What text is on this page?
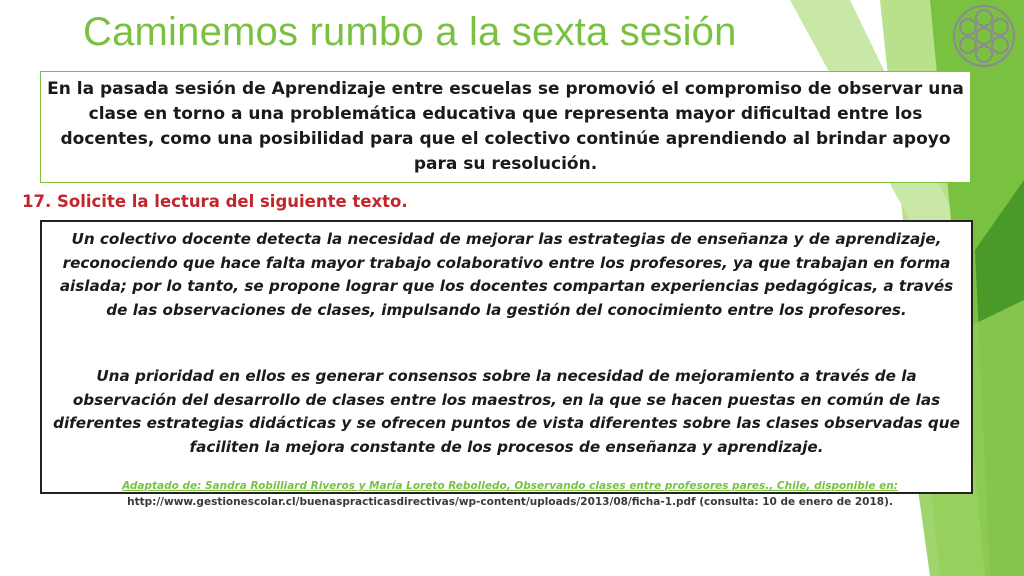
Caminemos rumbo a la sexta sesión

En la pasada sesión de Aprendizaje entre escuelas se promovió el compromiso de observar una clase en torno a una problemática educativa que representa mayor dificultad entre los docentes, como una posibilidad para que el colectivo continúe aprendiendo al brindar apoyo para su resolución.

17. Solicite la lectura del siguiente texto.

Un colectivo docente detecta la necesidad de mejorar las estrategias de enseñanza y de aprendizaje, reconociendo que hace falta mayor trabajo colaborativo entre los profesores, ya que trabajan en forma aislada; por lo tanto, se propone lograr que los docentes compartan experiencias pedagógicas, a través de las observaciones de clases, impulsando la gestión del conocimiento entre los profesores.

Una prioridad en ellos es generar consensos sobre la necesidad de mejoramiento a través de la observación del desarrollo de clases entre los maestros, en la que se hacen puestas en común de las diferentes estrategias didácticas y se ofrecen puntos de vista diferentes sobre las clases observadas que faciliten la mejora constante de los procesos de enseñanza y aprendizaje.

Adaptado de: Sandra Robilliard Riveros y María Loreto Rebolledo, Observando clases entre profesores pares., Chile, disponible en:
http://www.gestionescolar.cl/buenaspracticasdirectivas/wp-content/uploads/2013/08/ficha-1.pdf (consulta: 10 de enero de 2018).
